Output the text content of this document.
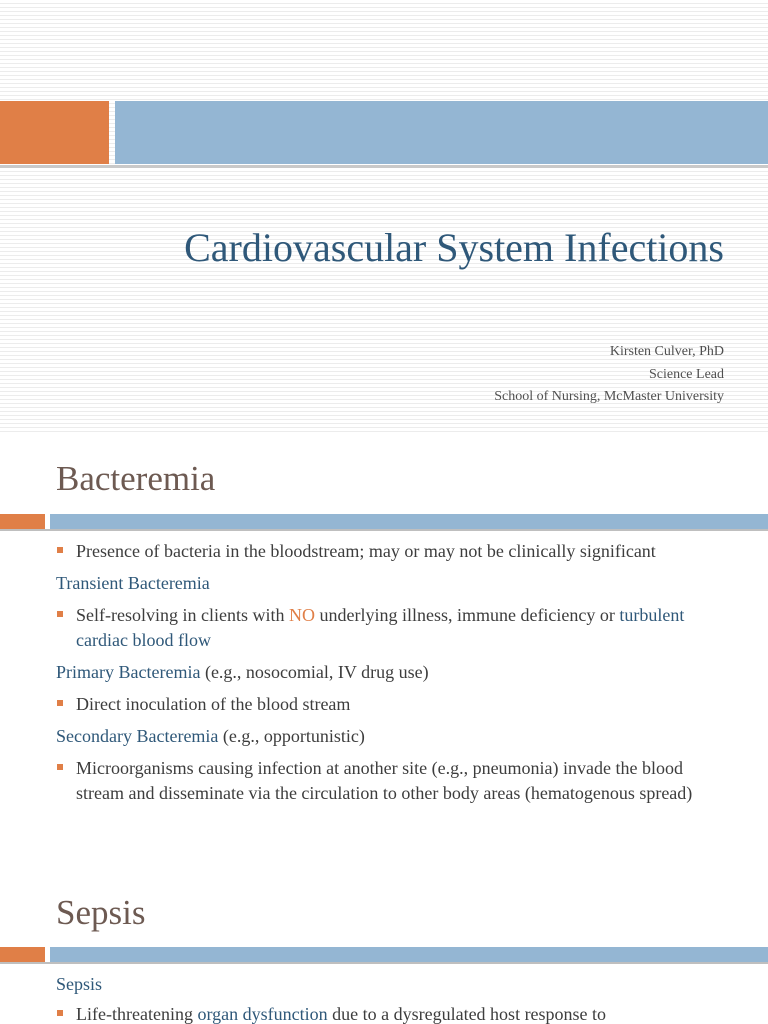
Cardiovascular System Infections
Kirsten Culver, PhD
Science Lead
School of Nursing, McMaster University
Bacteremia

Presence of bacteria in the bloodstream; may or may not be clinically significant

Transient Bacteremia

Self-resolving in clients with NO underlying illness, immune deficiency or turbulent cardiac blood flow

Primary Bacteremia (e.g., nosocomial, IV drug use)

Direct inoculation of the blood stream

Secondary Bacteremia (e.g., opportunistic)

Microorganisms causing infection at another site (e.g., pneumonia) invade the blood stream and disseminate via the circulation to other body areas (hematogenous spread)

Sepsis

Sepsis

Life-threatening organ dysfunction due to a dysregulated host response to
